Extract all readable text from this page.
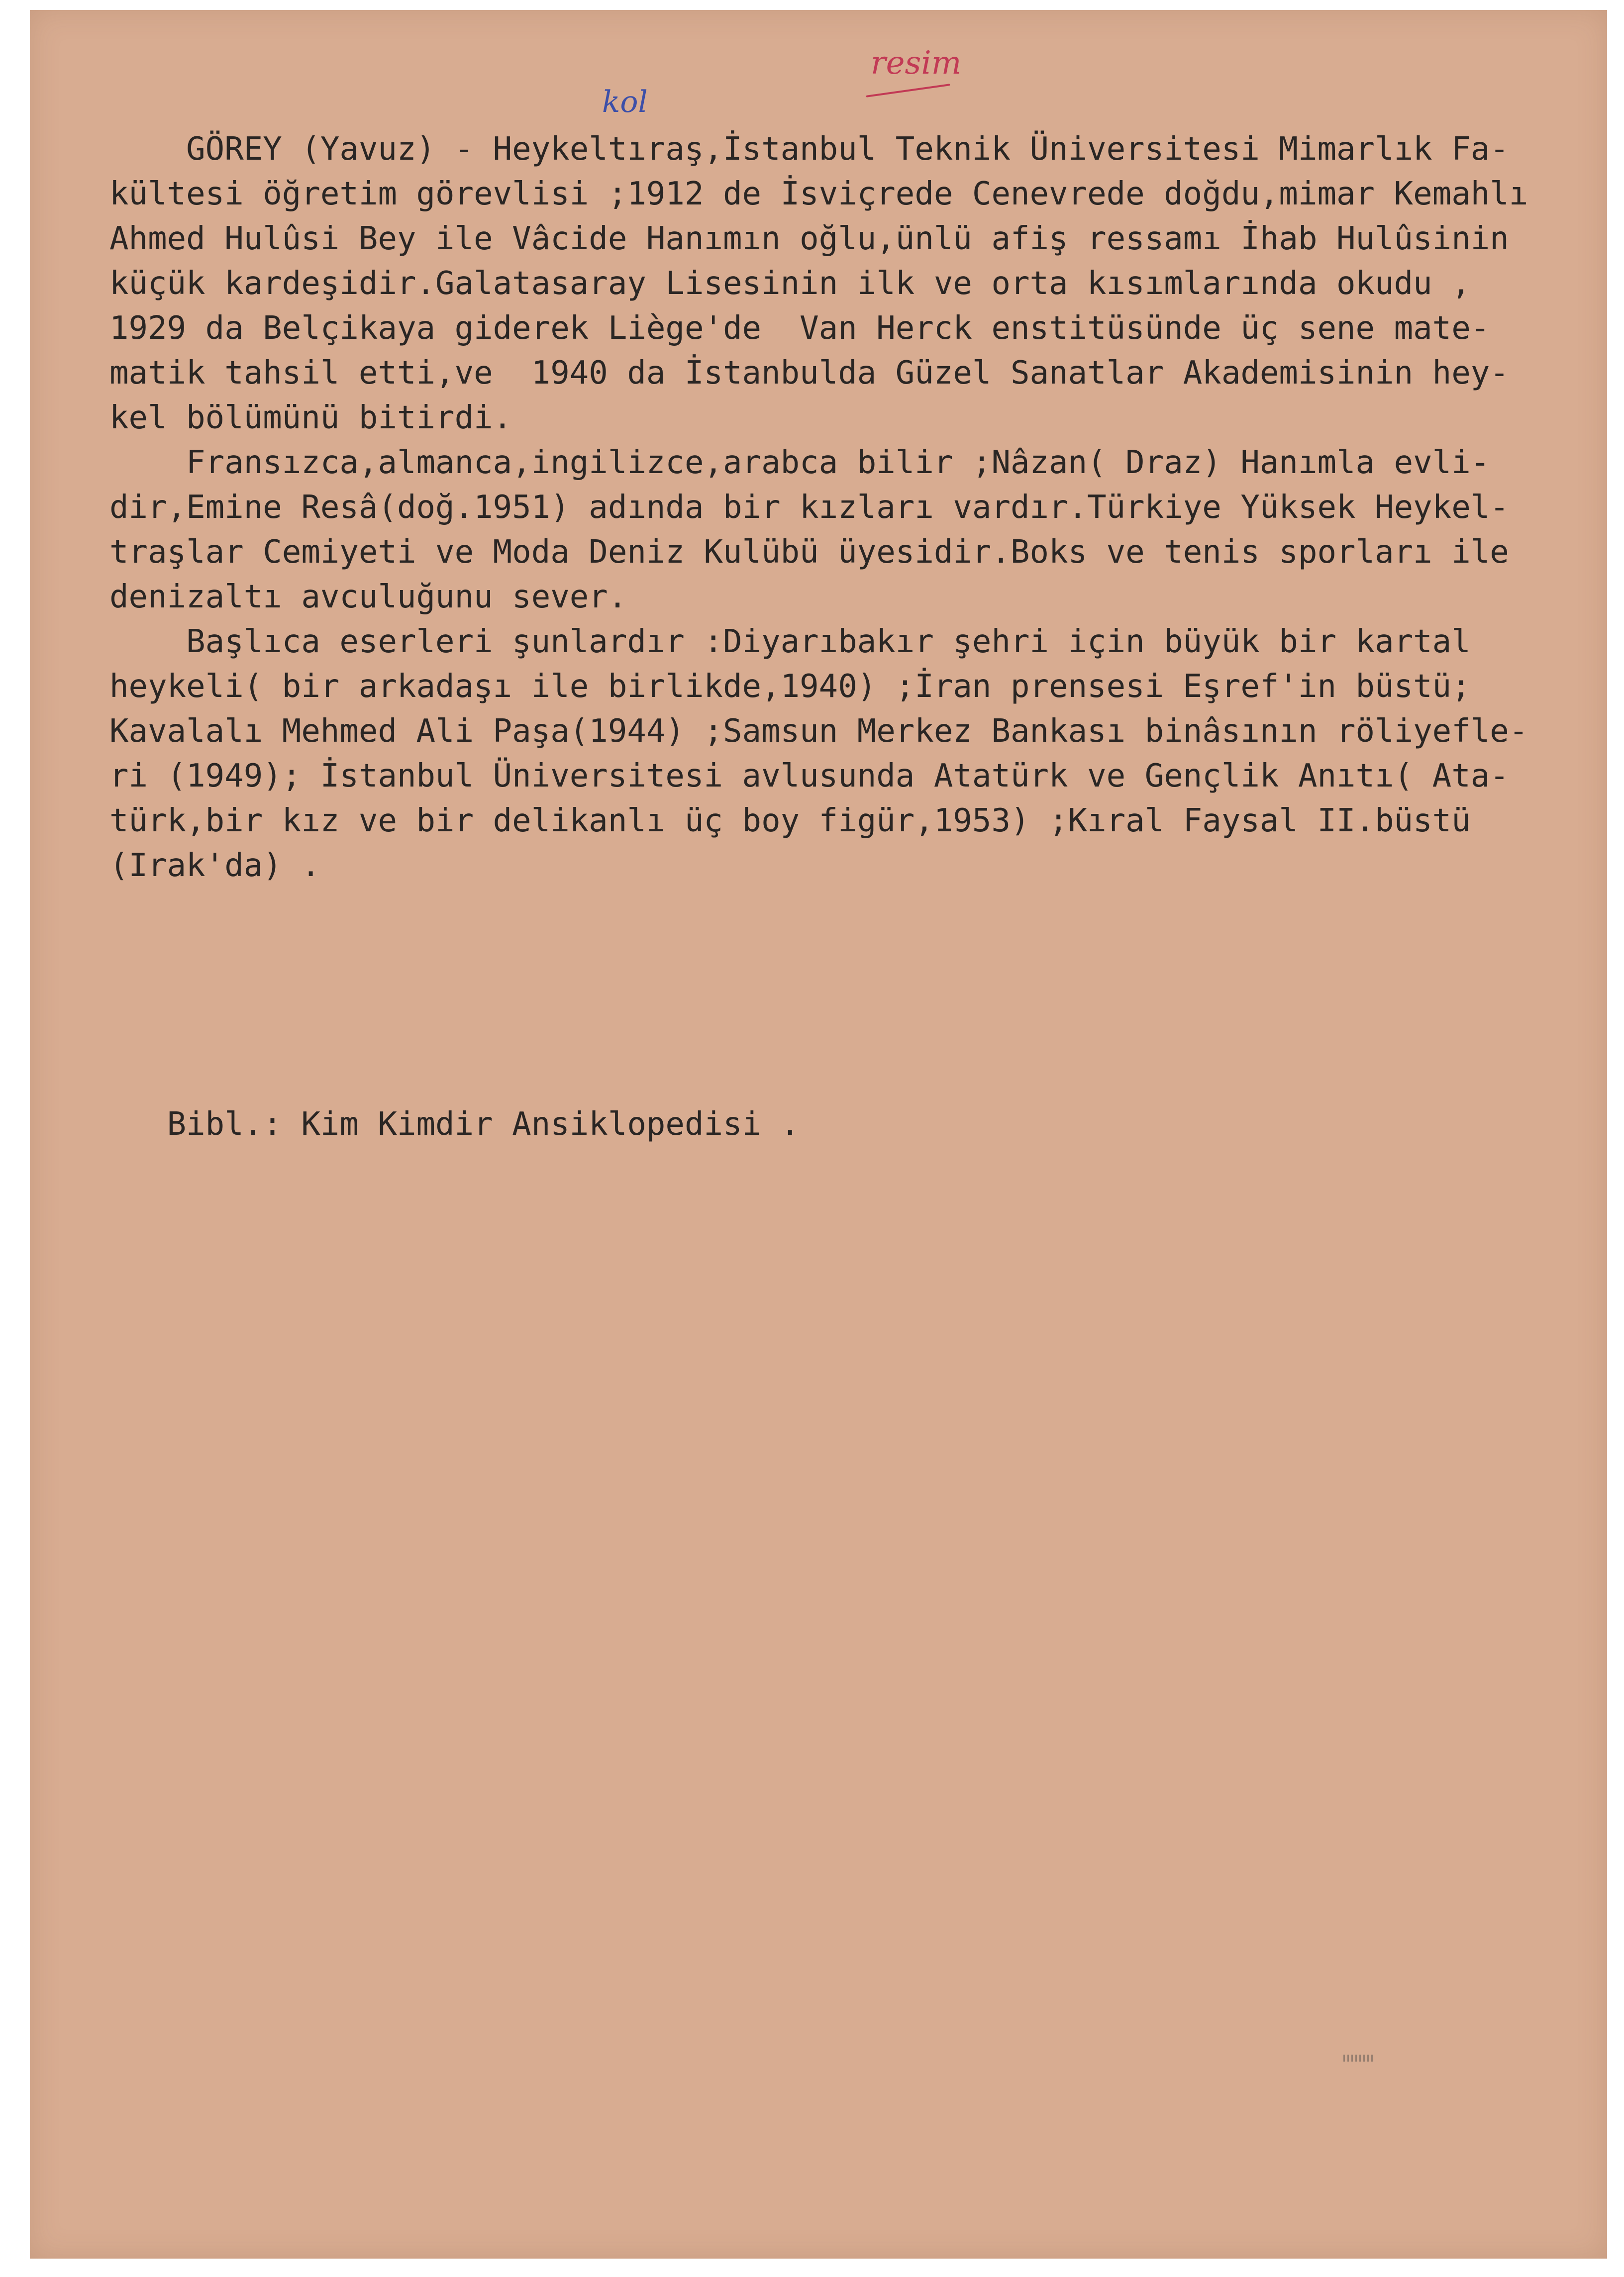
resim
kol
GÖREY (Yavuz) - Heykeltıraş,İstanbul Teknik Üniversitesi Mimarlık Fa-
kültesi öğretim görevlisi ;1912 de İsviçrede Cenevrede doğdu,mimar Kemahlı
Ahmed Hulûsi Bey ile Vâcide Hanımın oğlu,ünlü afiş ressamı İhab Hulûsinin
küçük kardeşidir.Galatasaray Lisesinin ilk ve orta kısımlarında okudu ,
1929 da Belçikaya giderek Liège'de  Van Herck enstitüsünde üç sene mate-
matik tahsil etti,ve  1940 da İstanbulda Güzel Sanatlar Akademisinin hey-
kel bölümünü bitirdi.
Fransızca,almanca,ingilizce,arabca bilir ;Nâzan( Draz) Hanımla evli-
dir,Emine Resâ(doğ.1951) adında bir kızları vardır.Türkiye Yüksek Heykel-
traşlar Cemiyeti ve Moda Deniz Kulübü üyesidir.Boks ve tenis sporları ile
denizaltı avculuğunu sever.
Başlıca eserleri şunlardır :Diyarıbakır şehri için büyük bir kartal
heykeli( bir arkadaşı ile birlikde,1940) ;İran prensesi Eşref'in büstü;
Kavalalı Mehmed Ali Paşa(1944) ;Samsun Merkez Bankası binâsının röliyefle-
ri (1949); İstanbul Üniversitesi avlusunda Atatürk ve Gençlik Anıtı( Ata-
türk,bir kız ve bir delikanlı üç boy figür,1953) ;Kıral Faysal II.büstü
(Irak'da) .
Bibl.: Kim Kimdir Ansiklopedisi .
